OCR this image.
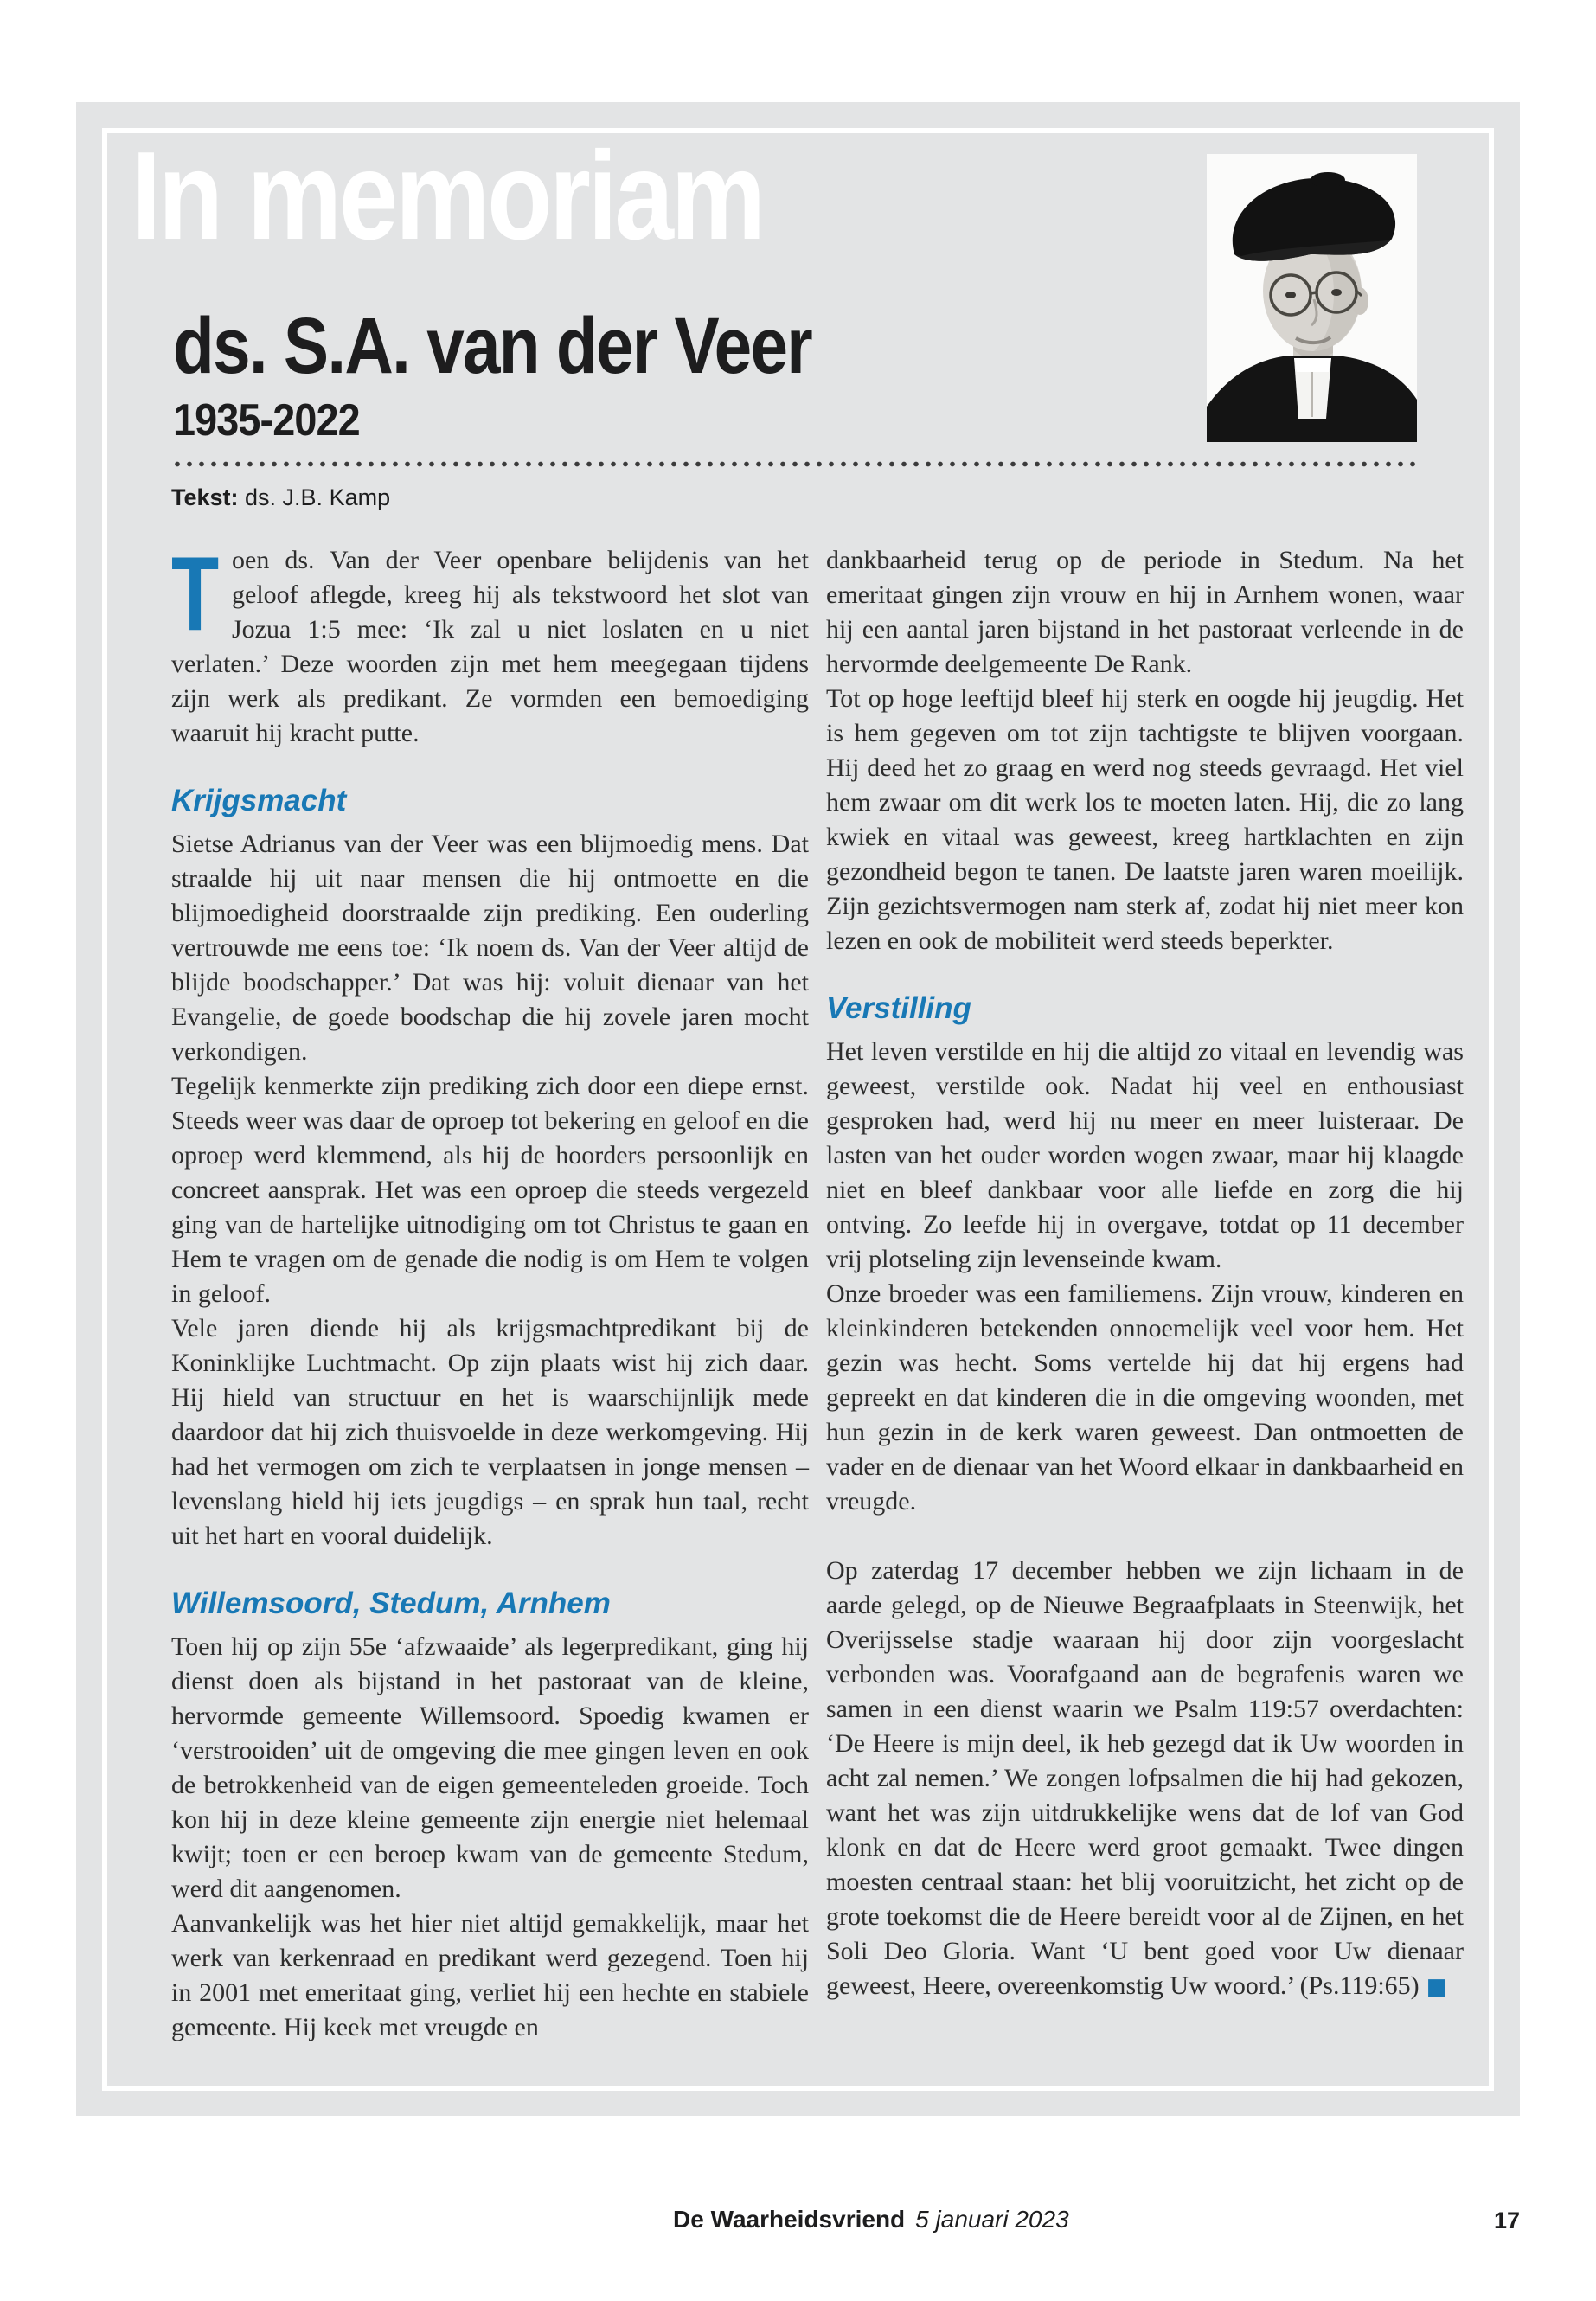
In memoriam
ds. S.A. van der Veer
1935-2022
Tekst: ds. J.B. Kamp

Toen ds. Van der Veer openbare belijdenis van het geloof aflegde, kreeg hij als tekstwoord het slot van Jozua 1:5 mee: ‘Ik zal u niet loslaten en u niet verlaten.’ Deze woorden zijn met hem meegegaan tijdens zijn werk als predikant. Ze vormden een bemoediging waaruit hij kracht putte.

Krijgsmacht

Sietse Adrianus van der Veer was een blijmoedig mens. Dat straalde hij uit naar mensen die hij ontmoette en die blijmoedigheid doorstraalde zijn prediking. Een ouderling vertrouwde me eens toe: ‘Ik noem ds. Van der Veer altijd de blijde boodschapper.’ Dat was hij: voluit dienaar van het Evangelie, de goede boodschap die hij zovele jaren mocht verkondigen.

Tegelijk kenmerkte zijn prediking zich door een diepe ernst. Steeds weer was daar de oproep tot bekering en geloof en die oproep werd klemmend, als hij de hoorders persoonlijk en concreet aansprak. Het was een oproep die steeds vergezeld ging van de hartelijke uitnodiging om tot Christus te gaan en Hem te vragen om de genade die nodig is om Hem te volgen in geloof.

Vele jaren diende hij als krijgsmachtpredikant bij de Koninklijke Luchtmacht. Op zijn plaats wist hij zich daar. Hij hield van structuur en het is waarschijnlijk mede daardoor dat hij zich thuisvoelde in deze werkomgeving. Hij had het vermogen om zich te verplaatsen in jonge mensen – levenslang hield hij iets jeugdigs – en sprak hun taal, recht uit het hart en vooral duidelijk.

Willemsoord, Stedum, Arnhem

Toen hij op zijn 55e ‘afzwaaide’ als legerpredikant, ging hij dienst doen als bijstand in het pastoraat van de kleine, hervormde gemeente Willemsoord. Spoedig kwamen er ‘verstrooiden’ uit de omgeving die mee gingen leven en ook de betrokkenheid van de eigen gemeenteleden groeide. Toch kon hij in deze kleine gemeente zijn energie niet helemaal kwijt; toen er een beroep kwam van de gemeente Stedum, werd dit aangenomen.

Aanvankelijk was het hier niet altijd gemakkelijk, maar het werk van kerkenraad en predikant werd gezegend. Toen hij in 2001 met emeritaat ging, verliet hij een hechte en stabiele gemeente. Hij keek met vreugde en

dankbaarheid terug op de periode in Stedum. Na het emeritaat gingen zijn vrouw en hij in Arnhem wonen, waar hij een aantal jaren bijstand in het pastoraat verleende in de hervormde deelgemeente De Rank.

Tot op hoge leeftijd bleef hij sterk en oogde hij jeugdig. Het is hem gegeven om tot zijn tachtigste te blijven voorgaan. Hij deed het zo graag en werd nog steeds gevraagd. Het viel hem zwaar om dit werk los te moeten laten. Hij, die zo lang kwiek en vitaal was geweest, kreeg hartklachten en zijn gezondheid begon te tanen. De laatste jaren waren moeilijk. Zijn gezichtsvermogen nam sterk af, zodat hij niet meer kon lezen en ook de mobiliteit werd steeds beperkter.

Verstilling

Het leven verstilde en hij die altijd zo vitaal en levendig was geweest, verstilde ook. Nadat hij veel en enthousiast gesproken had, werd hij nu meer en meer luisteraar. De lasten van het ouder worden wogen zwaar, maar hij klaagde niet en bleef dankbaar voor alle liefde en zorg die hij ontving. Zo leefde hij in overgave, totdat op 11 december vrij plotseling zijn levenseinde kwam.

Onze broeder was een familiemens. Zijn vrouw, kinderen en kleinkinderen betekenden onnoemelijk veel voor hem. Het gezin was hecht. Soms vertelde hij dat hij ergens had gepreekt en dat kinderen die in die omgeving woonden, met hun gezin in de kerk waren geweest. Dan ontmoetten de vader en de dienaar van het Woord elkaar in dankbaarheid en vreugde.

Op zaterdag 17 december hebben we zijn lichaam in de aarde gelegd, op de Nieuwe Begraafplaats in Steenwijk, het Overijsselse stadje waaraan hij door zijn voorgeslacht verbonden was. Voorafgaand aan de begrafenis waren we samen in een dienst waarin we Psalm 119:57 overdachten: ‘De Heere is mijn deel, ik heb gezegd dat ik Uw woorden in acht zal nemen.’ We zongen lofpsalmen die hij had gekozen, want het was zijn uitdrukkelijke wens dat de lof van God klonk en dat de Heere werd groot gemaakt. Twee dingen moesten centraal staan: het blij vooruitzicht, het zicht op de grote toekomst die de Heere bereidt voor al de Zijnen, en het Soli Deo Gloria. Want ‘U bent goed voor Uw dienaar geweest, Heere, overeenkomstig Uw woord.’ (Ps.119:65) ■

De Waarheidsvriend 5 januari 2023	17
